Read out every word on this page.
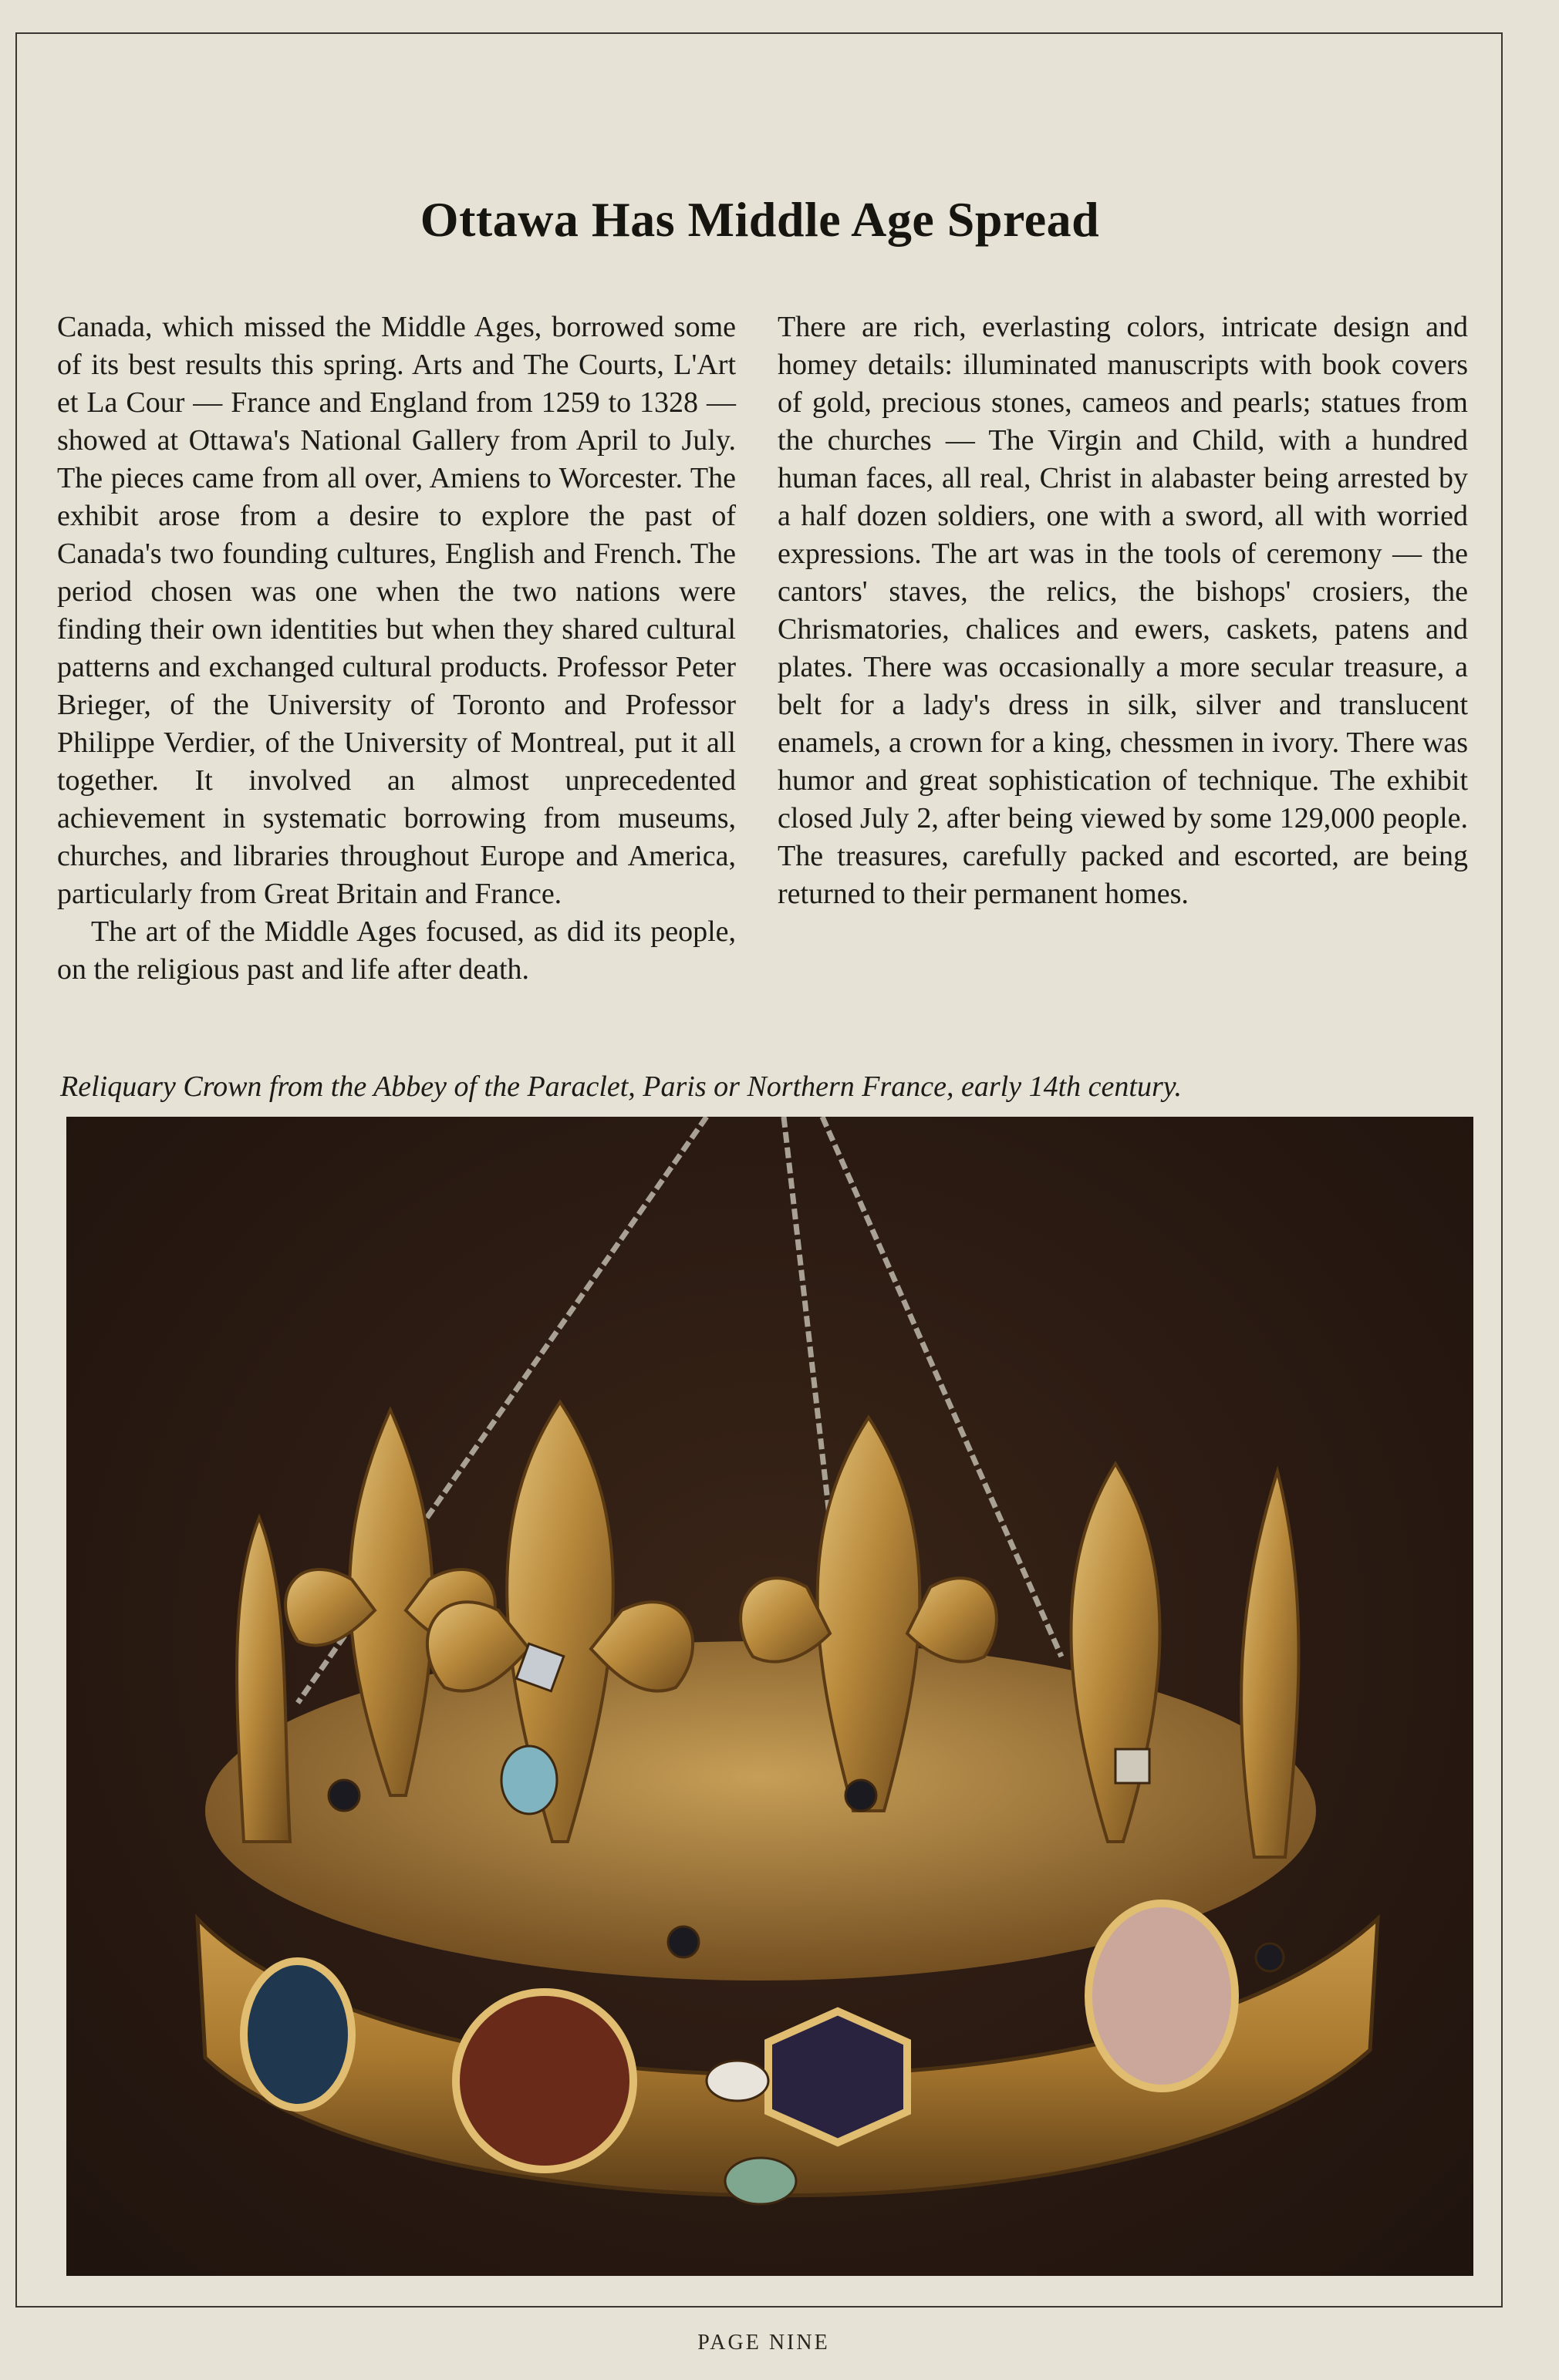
Ottawa Has Middle Age Spread

Canada, which missed the Middle Ages, borrowed some of its best results this spring. Arts and The Courts, L'Art et La Cour — France and England from 1259 to 1328 — showed at Ottawa's National Gallery from April to July. The pieces came from all over, Amiens to Worcester. The exhibit arose from a desire to explore the past of Canada's two founding cultures, English and French. The period chosen was one when the two nations were finding their own identities but when they shared cultural patterns and exchanged cultural products. Professor Peter Brieger, of the University of Toronto and Professor Philippe Verdier, of the University of Montreal, put it all together. It involved an almost unprecedented achievement in systematic borrowing from museums, churches, and libraries throughout Europe and America, particularly from Great Britain and France.

The art of the Middle Ages focused, as did its people, on the religious past and life after death.

There are rich, everlasting colors, intricate design and homey details: illuminated manuscripts with book covers of gold, precious stones, cameos and pearls; statues from the churches — The Virgin and Child, with a hundred human faces, all real, Christ in alabaster being arrested by a half dozen soldiers, one with a sword, all with worried expressions. The art was in the tools of ceremony — the cantors' staves, the relics, the bishops' crosiers, the Chrismatories, chalices and ewers, caskets, patens and plates. There was occasionally a more secular treasure, a belt for a lady's dress in silk, silver and translucent enamels, a crown for a king, chessmen in ivory. There was humor and great sophistication of technique. The exhibit closed July 2, after being viewed by some 129,000 people. The treasures, carefully packed and escorted, are being returned to their permanent homes.

Reliquary Crown from the Abbey of the Paraclet, Paris or Northern France, early 14th century.

PAGE NINE
